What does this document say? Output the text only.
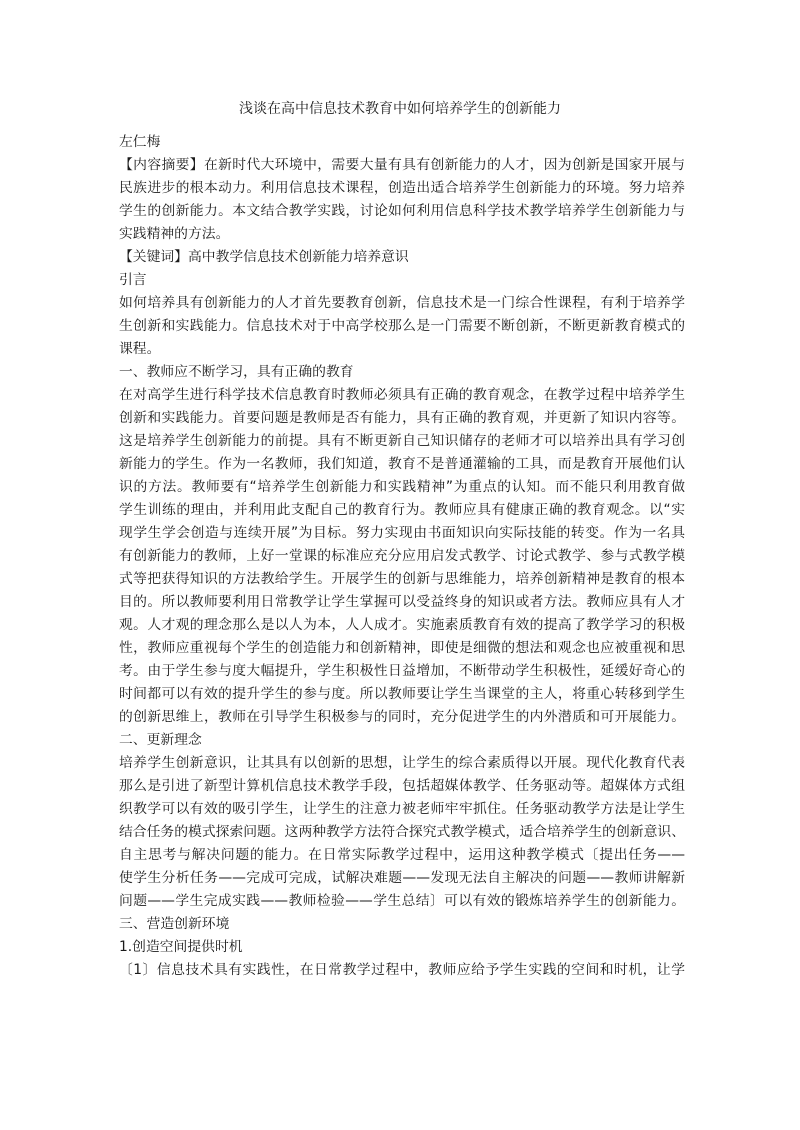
浅谈在高中信息技术教育中如何培养学生的创新能力

左仁梅

【内容摘要】在新时代大环境中，需要大量有具有创新能力的人才，因为创新是国家开展与

民族进步的根本动力。利用信息技术课程，创造出适合培养学生创新能力的环境。努力培养

学生的创新能力。本文结合教学实践，讨论如何利用信息科学技术教学培养学生创新能力与

实践精神的方法。

【关键词】高中教学信息技术创新能力培养意识

引言

如何培养具有创新能力的人才首先要教育创新，信息技术是一门综合性课程，有利于培养学

生创新和实践能力。信息技术对于中高学校那么是一门需要不断创新，不断更新教育模式的

课程。

一、教师应不断学习，具有正确的教育

在对高学生进行科学技术信息教育时教师必须具有正确的教育观念，在教学过程中培养学生

创新和实践能力。首要问题是教师是否有能力，具有正确的教育观，并更新了知识内容等。

这是培养学生创新能力的前提。具有不断更新自己知识储存的老师才可以培养出具有学习创

新能力的学生。作为一名教师，我们知道，教育不是普通灌输的工具，而是教育开展他们认

识的方法。教师要有“培养学生创新能力和实践精神”为重点的认知。而不能只利用教育做

学生训练的理由，并利用此支配自己的教育行为。教师应具有健康正确的教育观念。以“实

现学生学会创造与连续开展”为目标。努力实现由书面知识向实际技能的转变。作为一名具

有创新能力的教师，上好一堂课的标准应充分应用启发式教学、讨论式教学、参与式教学模

式等把获得知识的方法教给学生。开展学生的创新与思维能力，培养创新精神是教育的根本

目的。所以教师要利用日常教学让学生掌握可以受益终身的知识或者方法。教师应具有人才

观。人才观的理念那么是以人为本，人人成才。实施素质教育有效的提高了教学学习的积极

性，教师应重视每个学生的创造能力和创新精神，即使是细微的想法和观念也应被重视和思

考。由于学生参与度大幅提升，学生积极性日益增加，不断带动学生积极性，延缓好奇心的

时间都可以有效的提升学生的参与度。所以教师要让学生当课堂的主人，将重心转移到学生

的创新思维上，教师在引导学生积极参与的同时，充分促进学生的内外潜质和可开展能力。

二、更新理念

培养学生创新意识，让其具有以创新的思想，让学生的综合素质得以开展。现代化教育代表

那么是引进了新型计算机信息技术教学手段，包括超媒体教学、任务驱动等。超媒体方式组

织教学可以有效的吸引学生，让学生的注意力被老师牢牢抓住。任务驱动教学方法是让学生

结合任务的模式探索问题。这两种教学方法符合探究式教学模式，适合培养学生的创新意识、

自主思考与解决问题的能力。在日常实际教学过程中，运用这种教学模式〔提出任务——

使学生分析任务——完成可完成，试解决难题——发现无法自主解决的问题——教师讲解新

问题——学生完成实践——教师检验——学生总结〕可以有效的锻炼培养学生的创新能力。

三、营造创新环境

1.创造空间提供时机

〔1〕信息技术具有实践性，在日常教学过程中，教师应给予学生实践的空间和时机，让学
